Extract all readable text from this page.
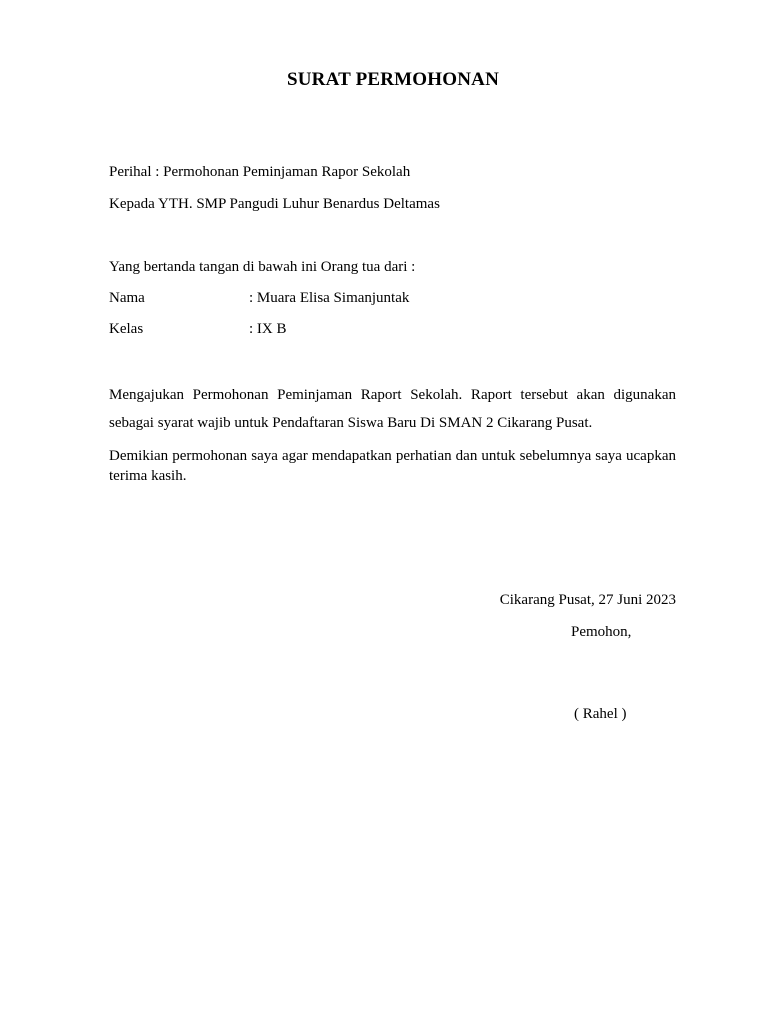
SURAT PERMOHONAN
Perihal : Permohonan Peminjaman Rapor Sekolah
Kepada YTH. SMP Pangudi Luhur Benardus Deltamas
Yang bertanda tangan di bawah ini Orang tua dari :
Nama	: Muara Elisa Simanjuntak
Kelas	: IX B
Mengajukan Permohonan Peminjaman Raport Sekolah. Raport tersebut akan digunakan sebagai syarat wajib untuk Pendaftaran Siswa Baru Di SMAN 2 Cikarang Pusat.
Demikian permohonan saya agar mendapatkan perhatian dan untuk sebelumnya saya ucapkan terima kasih.
Cikarang Pusat, 27 Juni 2023
Pemohon,
( Rahel )
